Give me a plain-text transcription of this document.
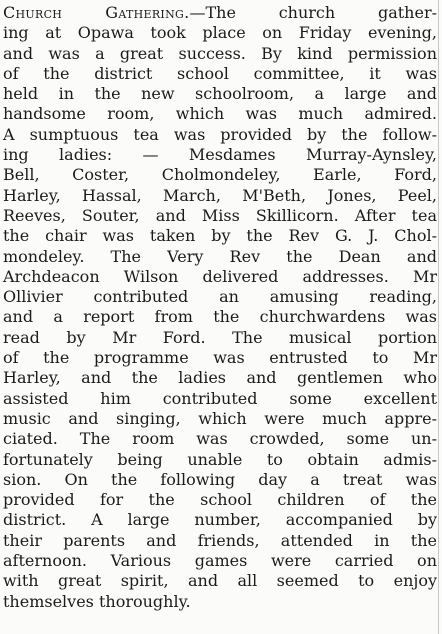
Church Gathering.—The church gather-
ing at Opawa took place on Friday evening,
and was a great success. By kind permission
of the district school committee, it was
held in the new schoolroom, a large and
handsome room, which was much admired.
A sumptuous tea was provided by the follow-
ing ladies: — Mesdames Murray-Aynsley,
Bell, Coster, Cholmondeley, Earle, Ford,
Harley, Hassal, March, M'Beth, Jones, Peel,
Reeves, Souter, and Miss Skillicorn. After tea
the chair was taken by the Rev G. J. Chol-
mondeley. The Very Rev the Dean and
Archdeacon Wilson delivered addresses. Mr
Ollivier contributed an amusing reading,
and a report from the churchwardens was
read by Mr Ford. The musical portion
of the programme was entrusted to Mr
Harley, and the ladies and gentlemen who
assisted him contributed some excellent
music and singing, which were much appre-
ciated. The room was crowded, some un-
fortunately being unable to obtain admis-
sion. On the following day a treat was
provided for the school children of the
district. A large number, accompanied by
their parents and friends, attended in the
afternoon. Various games were carried on
with great spirit, and all seemed to enjoy
themselves thoroughly.
